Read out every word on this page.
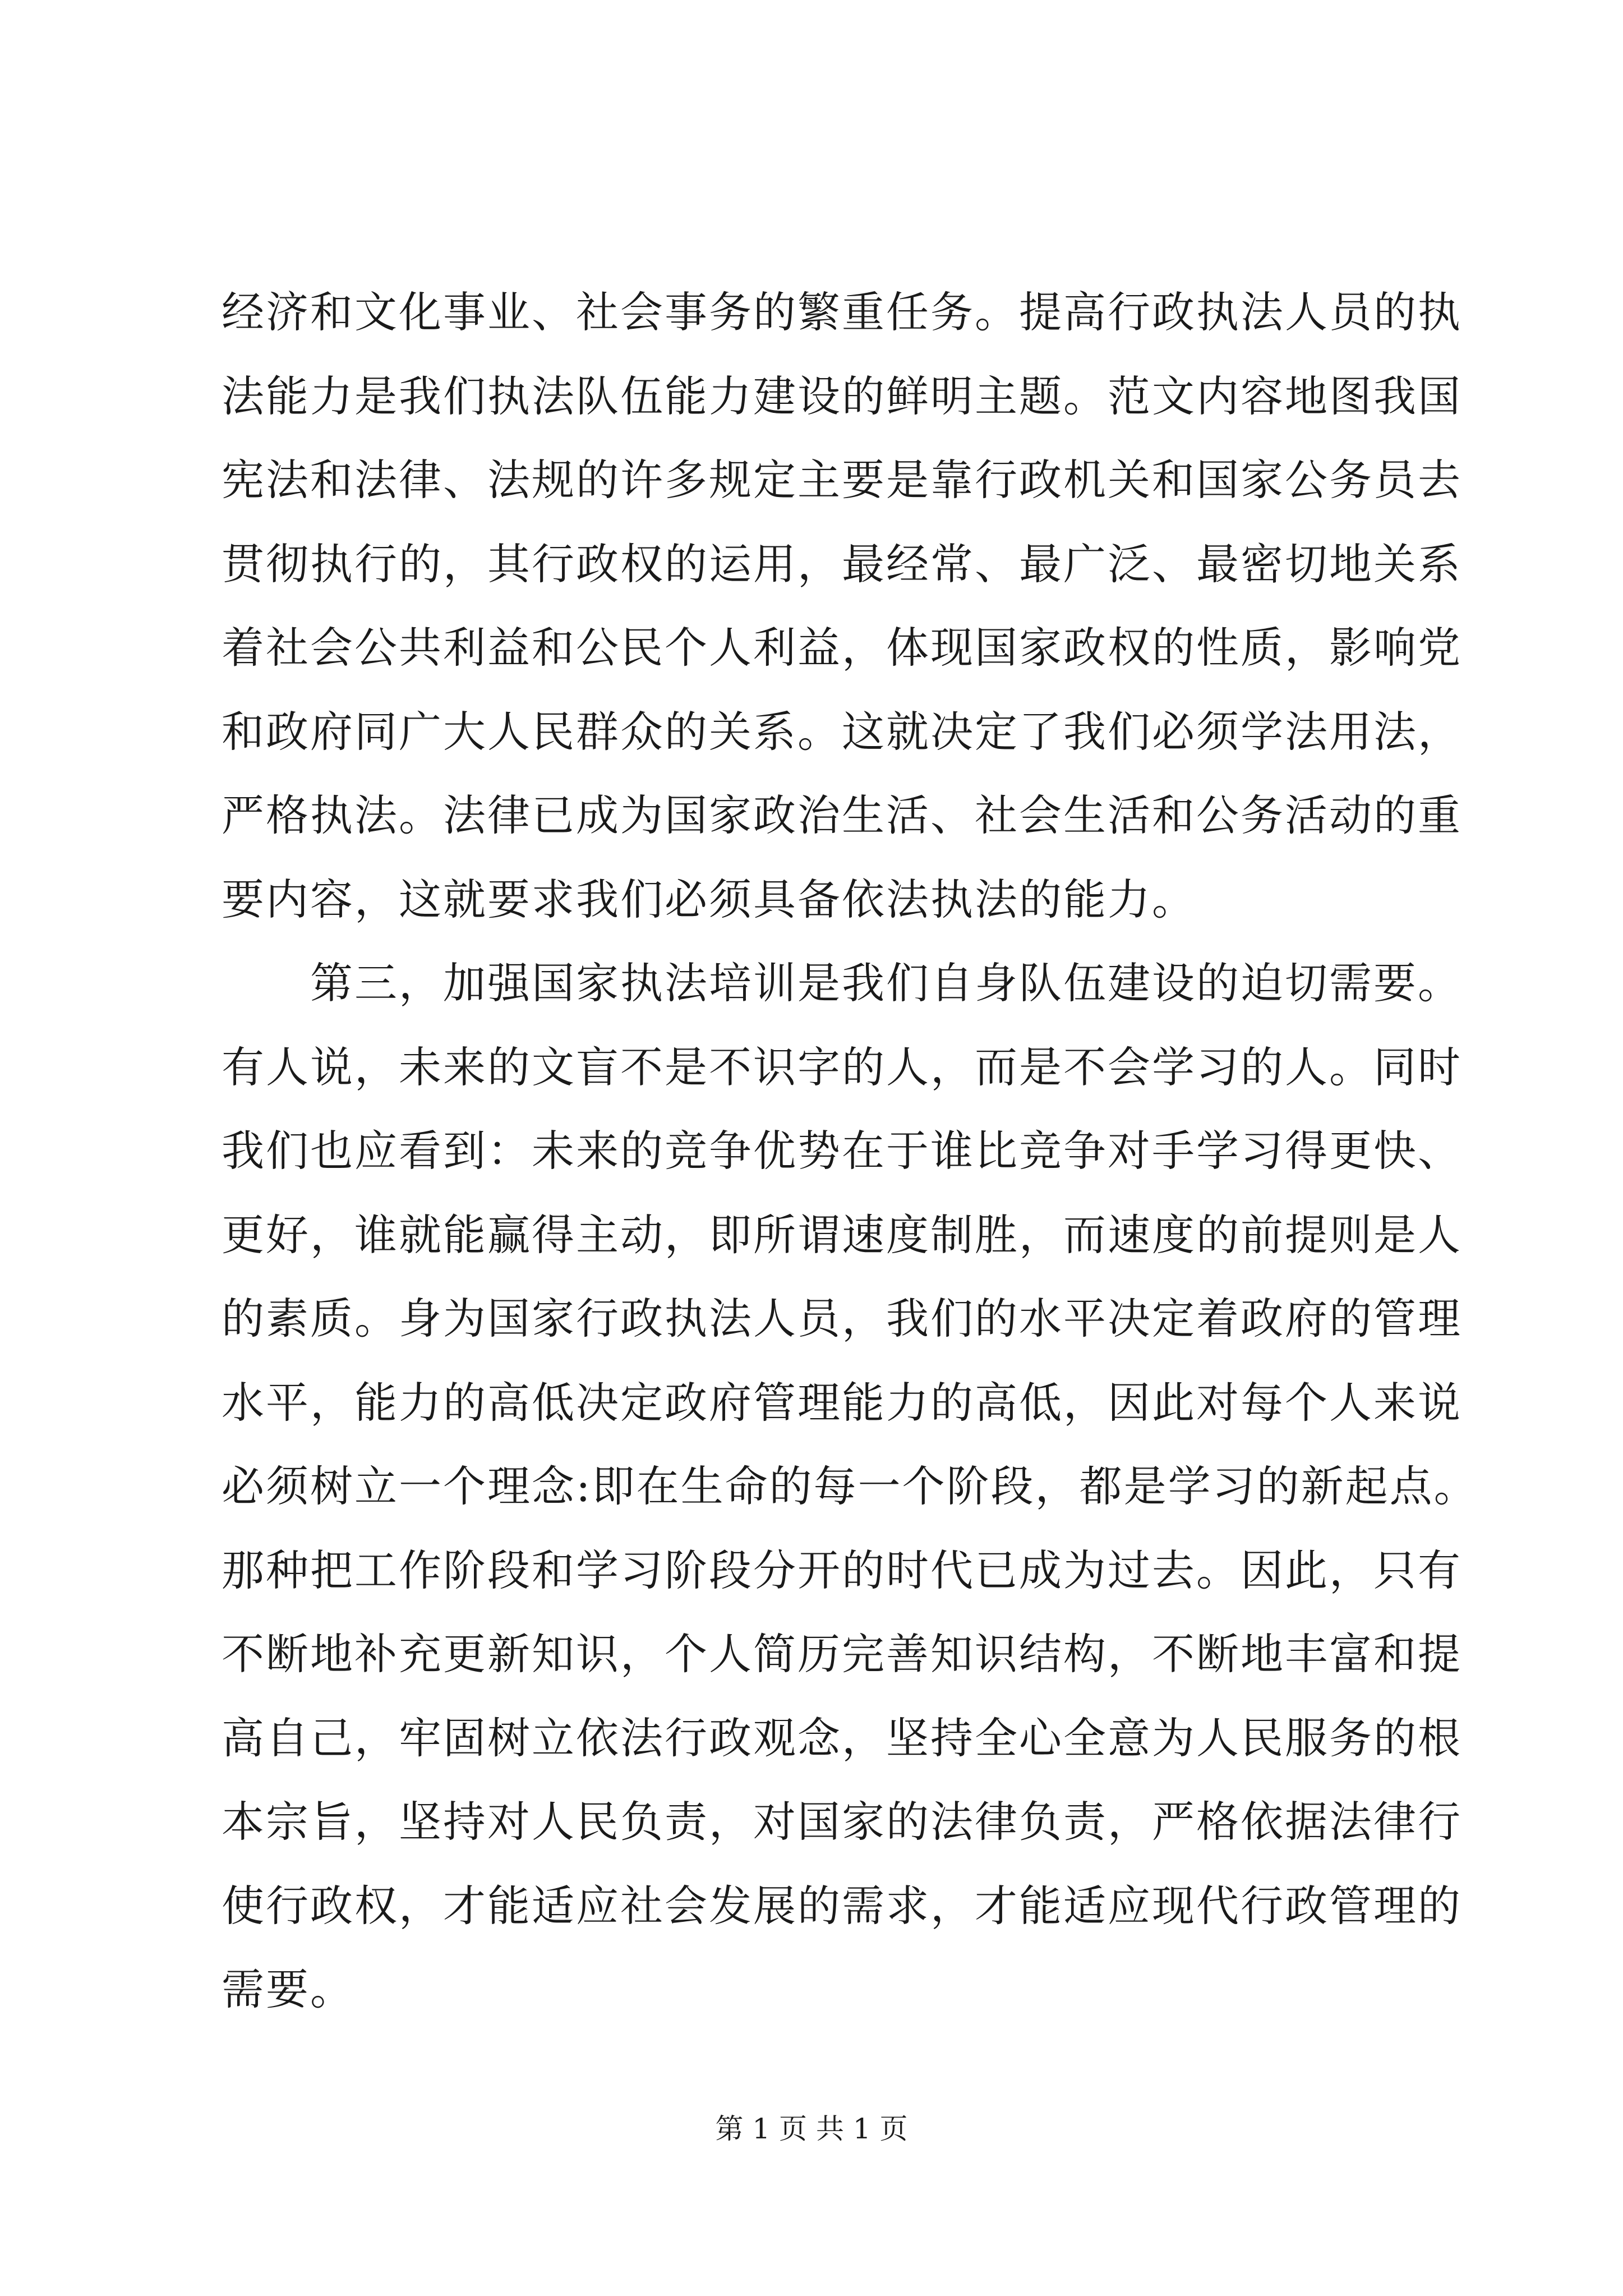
经济和文化事业、社会事务的繁重任务。提高行政执法人员的执
法能力是我们执法队伍能力建设的鲜明主题。范文内容地图我国
宪法和法律、法规的许多规定主要是靠行政机关和国家公务员去
贯彻执行的，其行政权的运用，最经常、最广泛、最密切地关系
着社会公共利益和公民个人利益，体现国家政权的性质，影响党
和政府同广大人民群众的关系。这就决定了我们必须学法用法，
严格执法。法律已成为国家政治生活、社会生活和公务活动的重
要内容，这就要求我们必须具备依法执法的能力。
　　第三，加强国家执法培训是我们自身队伍建设的迫切需要。
有人说，未来的文盲不是不识字的人，而是不会学习的人。同时
我们也应看到：未来的竞争优势在于谁比竞争对手学习得更快、
更好，谁就能赢得主动，即所谓速度制胜，而速度的前提则是人
的素质。身为国家行政执法人员，我们的水平决定着政府的管理
水平，能力的高低决定政府管理能力的高低，因此对每个人来说
必须树立一个理念:即在生命的每一个阶段，都是学习的新起点。
那种把工作阶段和学习阶段分开的时代已成为过去。因此，只有
不断地补充更新知识，个人简历完善知识结构，不断地丰富和提
高自己，牢固树立依法行政观念，坚持全心全意为人民服务的根
本宗旨，坚持对人民负责，对国家的法律负责，严格依据法律行
使行政权，才能适应社会发展的需求，才能适应现代行政管理的
需要。
第 1 页 共 1 页
